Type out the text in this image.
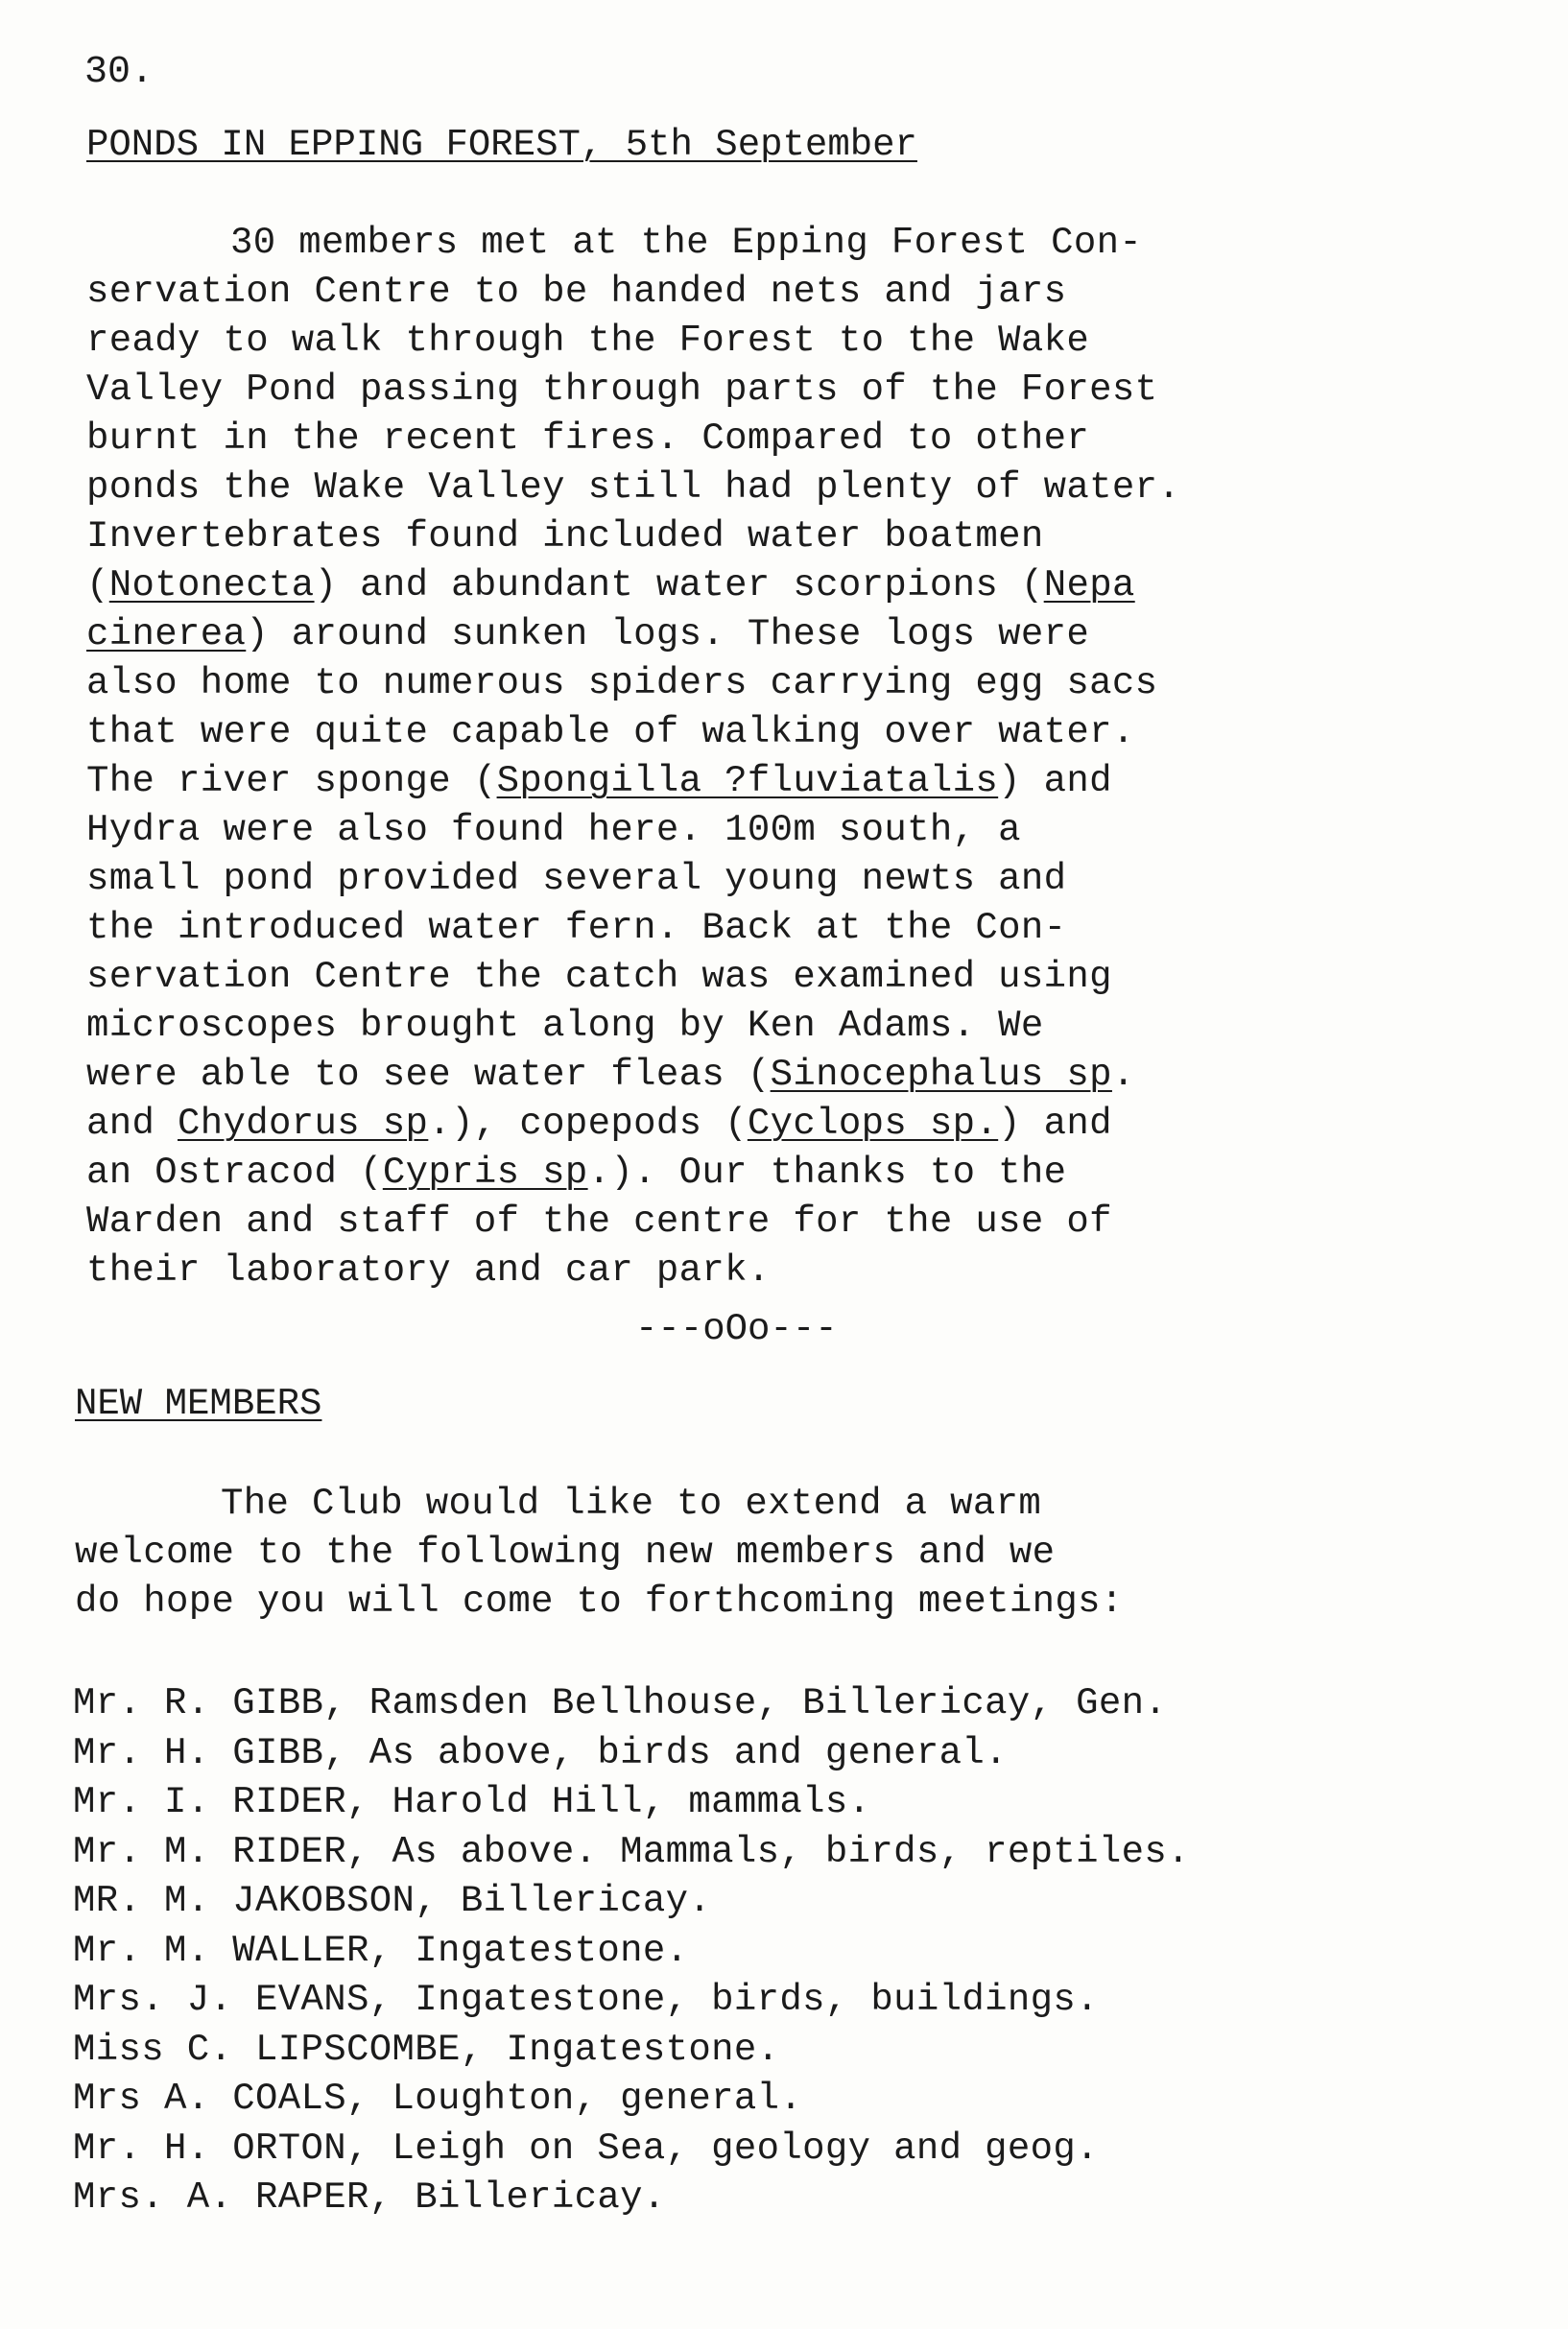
30.
PONDS IN EPPING FOREST, 5th September
30 members met at the Epping Forest Con-
servation Centre to be handed nets and jars
ready to walk through the Forest to the Wake
Valley Pond passing through parts of the Forest
burnt in the recent fires. Compared to other
ponds the Wake Valley still had plenty of water.
Invertebrates found included water boatmen
(Notonecta) and abundant water scorpions (Nepa
cinerea) around sunken logs. These logs were
also home to numerous spiders carrying egg sacs
that were quite capable of walking over water.
The river sponge (Spongilla ?fluviatalis) and
Hydra were also found here. 100m south, a
small pond provided several young newts and
the introduced water fern. Back at the Con-
servation Centre the catch was examined using
microscopes brought along by Ken Adams. We
were able to see water fleas (Sinocephalus sp.
and Chydorus sp.), copepods (Cyclops sp.) and
an Ostracod (Cypris sp.). Our thanks to the
Warden and staff of the centre for the use of
their laboratory and car park.
---oOo---
NEW MEMBERS
The Club would like to extend a warm
welcome to the following new members and we
do hope you will come to forthcoming meetings:
Mr. R. GIBB, Ramsden Bellhouse, Billericay, Gen.
Mr. H. GIBB, As above, birds and general.
Mr. I. RIDER, Harold Hill, mammals.
Mr. M. RIDER, As above. Mammals, birds, reptiles.
MR. M. JAKOBSON, Billericay.
Mr. M. WALLER, Ingatestone.
Mrs. J. EVANS, Ingatestone, birds, buildings.
Miss C. LIPSCOMBE, Ingatestone.
Mrs A. COALS, Loughton, general.
Mr. H. ORTON, Leigh on Sea, geology and geog.
Mrs. A. RAPER, Billericay.
